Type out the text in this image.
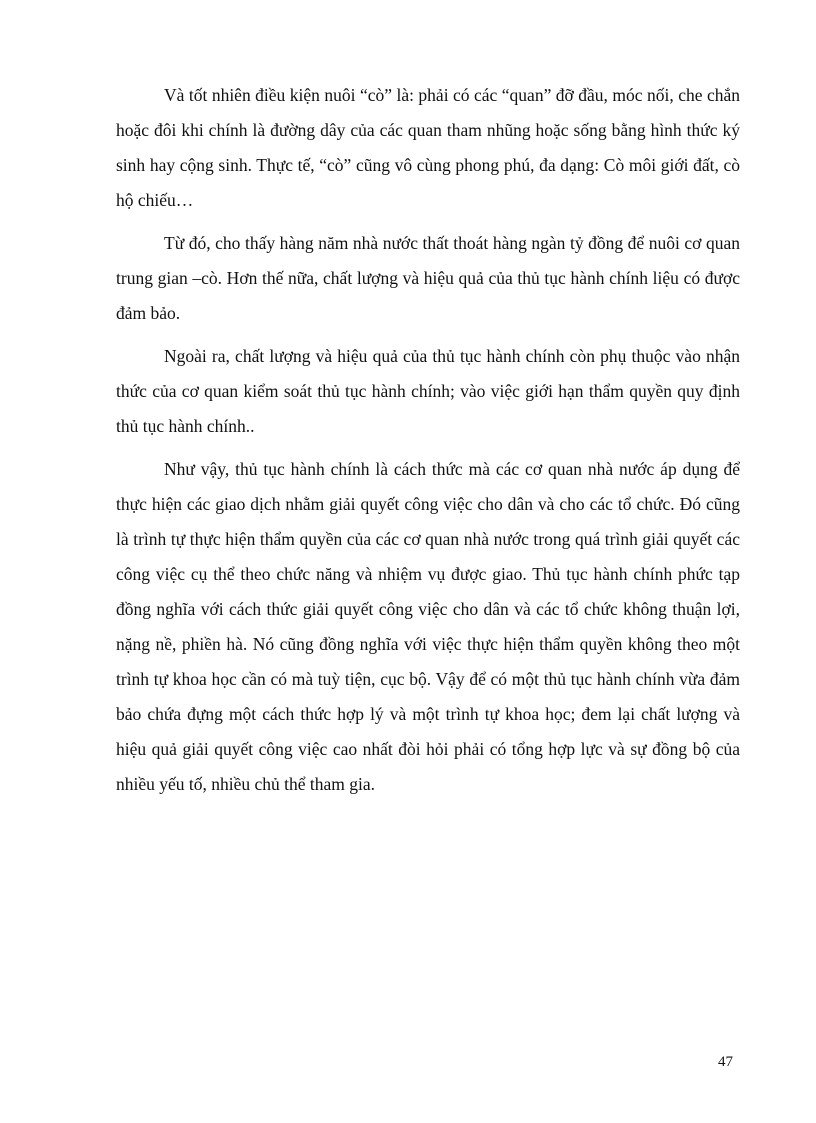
Và tốt nhiên điều kiện nuôi “cò” là: phải có các “quan” đỡ đầu, móc nối, che chắn hoặc đôi khi chính là đường dây của các quan tham nhũng hoặc sống bằng hình thức ký sinh hay cộng sinh. Thực tế, “cò” cũng vô cùng phong phú, đa dạng: Cò môi giới đất, cò hộ chiếu…

Từ đó, cho thấy hàng năm nhà nước thất thoát hàng ngàn tỷ đồng để nuôi cơ quan trung gian –cò. Hơn thế nữa, chất lượng và hiệu quả của thủ tục hành chính liệu có được đảm bảo.

Ngoài ra, chất lượng và hiệu quả của thủ tục hành chính còn phụ thuộc vào nhận thức của cơ quan kiểm soát thủ tục hành chính; vào việc giới hạn thẩm quyền quy định thủ tục hành chính..

Như vậy, thủ tục hành chính là cách thức mà các cơ quan nhà nước áp dụng để thực hiện các giao dịch nhằm giải quyết công việc cho dân và cho các tổ chức. Đó cũng là trình tự thực hiện thẩm quyền của các cơ quan nhà nước trong quá trình giải quyết các công việc cụ thể theo chức năng và nhiệm vụ được giao. Thủ tục hành chính phức tạp đồng nghĩa với cách thức giải quyết công việc cho dân và các tổ chức không thuận lợi, nặng nề, phiền hà. Nó cũng đồng nghĩa với việc thực hiện thẩm quyền không theo một trình tự khoa học cần có mà tuỳ tiện, cục bộ. Vậy để có một thủ tục hành chính vừa đảm bảo chứa đựng một cách thức hợp lý và một trình tự khoa học; đem lại chất lượng và hiệu quả giải quyết công việc cao nhất đòi hỏi phải có tổng hợp lực và sự đồng bộ của nhiều yếu tố, nhiều chủ thể tham gia.

47
